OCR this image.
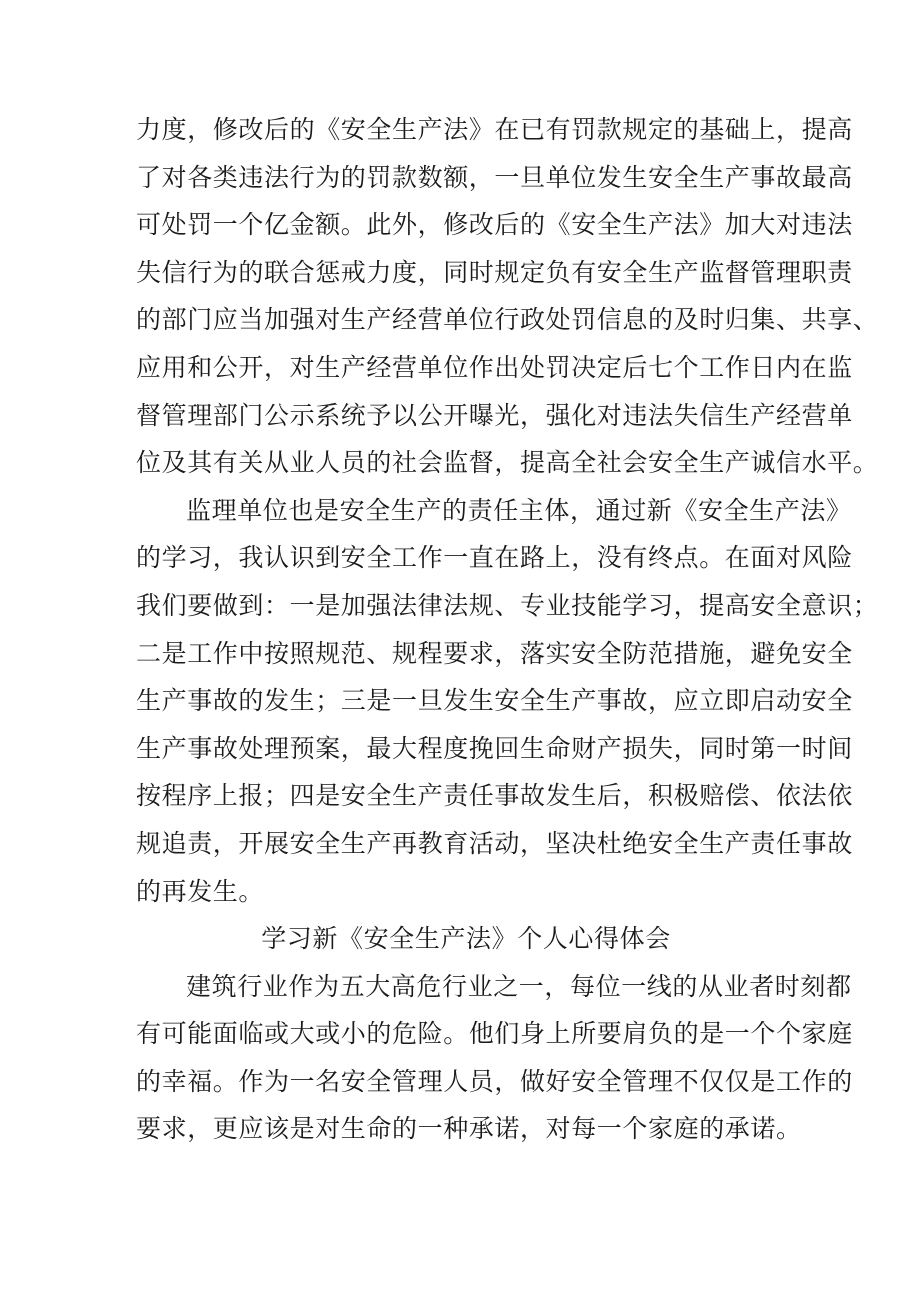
力度，修改后的《安全生产法》在已有罚款规定的基础上，提高
了对各类违法行为的罚款数额，一旦单位发生安全生产事故最高
可处罚一个亿金额。此外，修改后的《安全生产法》加大对违法
失信行为的联合惩戒力度，同时规定负有安全生产监督管理职责
的部门应当加强对生产经营单位行政处罚信息的及时归集、共享、
应用和公开，对生产经营单位作出处罚决定后七个工作日内在监
督管理部门公示系统予以公开曝光，强化对违法失信生产经营单
位及其有关从业人员的社会监督，提高全社会安全生产诚信水平。
监理单位也是安全生产的责任主体，通过新《安全生产法》
的学习，我认识到安全工作一直在路上，没有终点。在面对风险
我们要做到：一是加强法律法规、专业技能学习，提高安全意识；
二是工作中按照规范、规程要求，落实安全防范措施，避免安全
生产事故的发生；三是一旦发生安全生产事故，应立即启动安全
生产事故处理预案，最大程度挽回生命财产损失，同时第一时间
按程序上报；四是安全生产责任事故发生后，积极赔偿、依法依
规追责，开展安全生产再教育活动，坚决杜绝安全生产责任事故
的再发生。
学习新《安全生产法》个人心得体会
建筑行业作为五大高危行业之一，每位一线的从业者时刻都
有可能面临或大或小的危险。他们身上所要肩负的是一个个家庭
的幸福。作为一名安全管理人员，做好安全管理不仅仅是工作的
要求，更应该是对生命的一种承诺，对每一个家庭的承诺。
